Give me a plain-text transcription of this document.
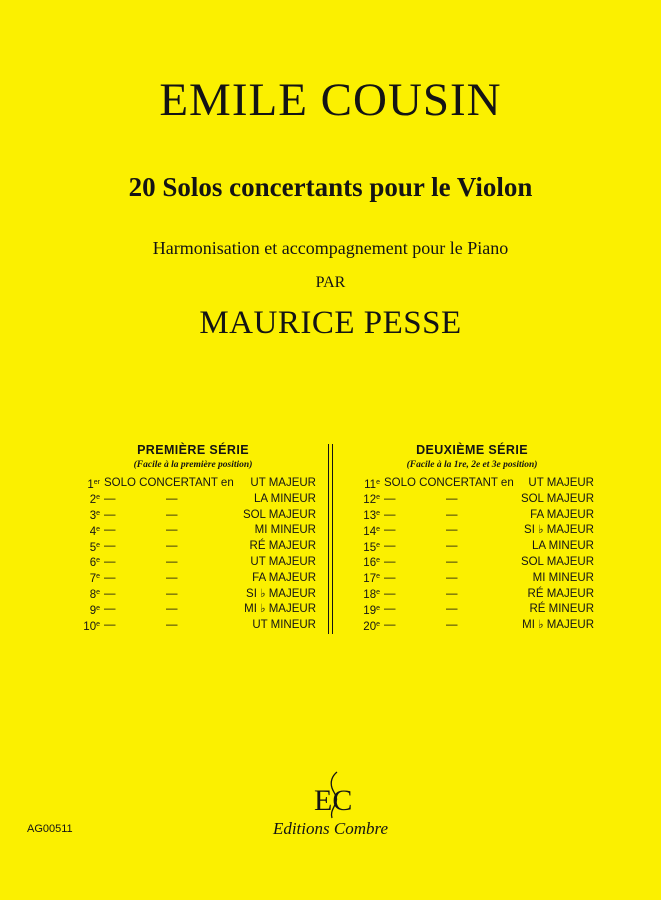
EMILE COUSIN
20 Solos concertants pour le Violon
Harmonisation et accompagnement pour le Piano
PAR
MAURICE PESSE
PREMIÈRE SÉRIE
(Facile à la première position)
1er SOLO CONCERTANT en	UT MAJEUR
2e —	—	LA MINEUR
3e —	—	SOL MAJEUR
4e —	—	MI MINEUR
5e —	—	RÉ MAJEUR
6e —	—	UT MAJEUR
7e —	—	FA MAJEUR
8e —	—	SI ♭ MAJEUR
9e —	—	MI ♭ MAJEUR
10e —	—	UT MINEUR
DEUXIÈME SÉRIE
(Facile à la 1re, 2e et 3e position)
11e SOLO CONCERTANT en	UT MAJEUR
12e —	—	SOL MAJEUR
13e —	—	FA MAJEUR
14e —	—	SI ♭ MAJEUR
15e —	—	LA MINEUR
16e —	—	SOL MAJEUR
17e —	—	MI MINEUR
18e —	—	RÉ MAJEUR
19e —	—	RÉ MINEUR
20e —	—	MI ♭ MAJEUR
EC
Editions Combre
AG00511
